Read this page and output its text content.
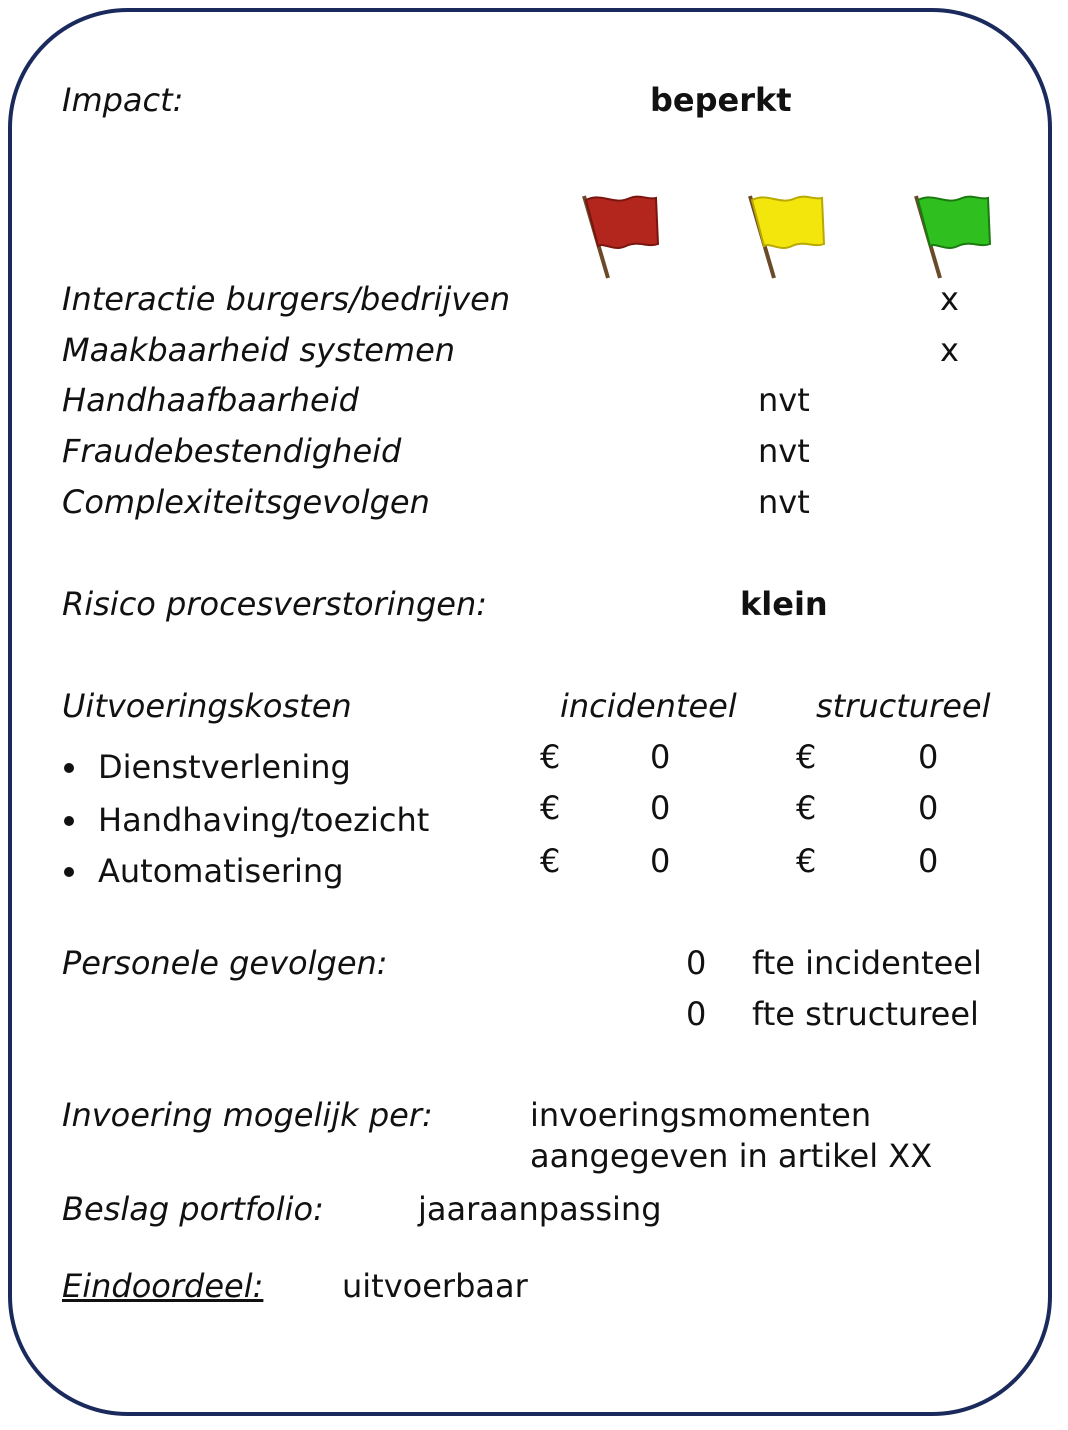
Impact:	beperkt
Interactie burgers/bedrijven	x
Maakbaarheid systemen	x
Handhaafbaarheid	nvt
Fraudebestendigheid	nvt
Complexiteitsgevolgen	nvt
Risico procesverstoringen:	klein
Uitvoeringskosten	incidenteel structureel
Dienstverlening	€	0	€	0
Handhaving/toezicht	€	0	€	0
Automatisering	€	0	€	0
Personele gevolgen:	0 fte incidenteel
0 fte structureel
Invoering mogelijk per:	invoeringsmomenten
aangegeven in artikel XX
Beslag portfolio:	jaaraanpassing
Eindoordeel: uitvoerbaar
